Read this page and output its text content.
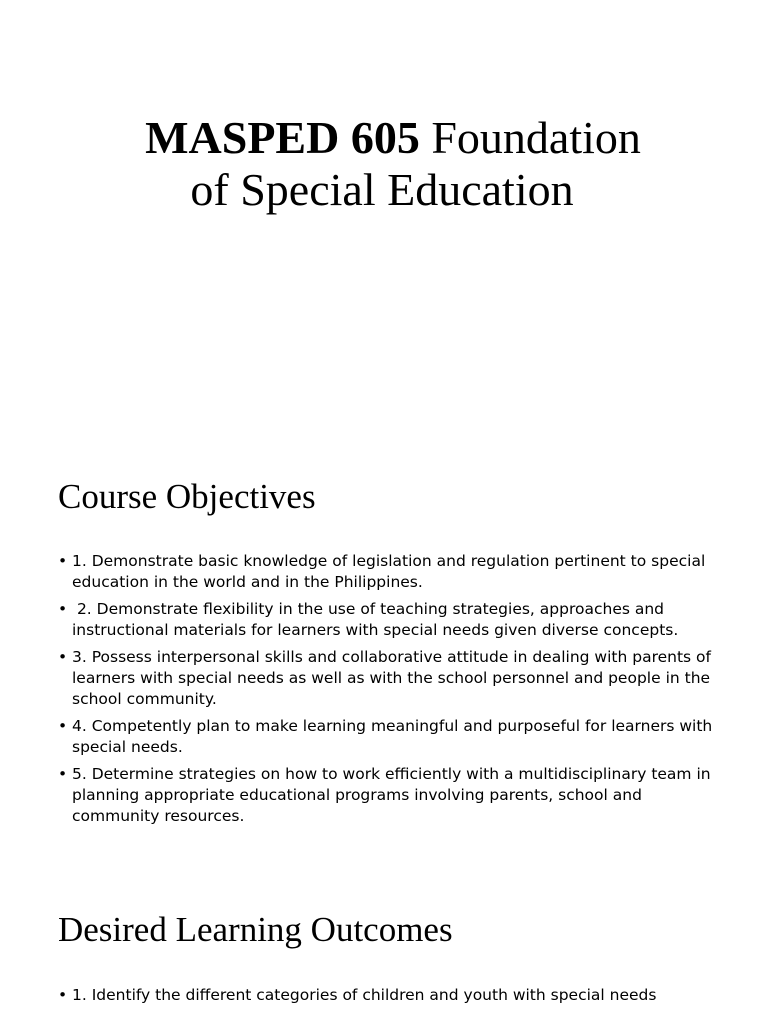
MASPED 605 Foundation
of Special Education
Course Objectives
• 1. Demonstrate basic knowledge of legislation and regulation pertinent to special education in the world and in the Philippines.
• 2. Demonstrate flexibility in the use of teaching strategies, approaches and instructional materials for learners with special needs given diverse concepts.
• 3. Possess interpersonal skills and collaborative attitude in dealing with parents of learners with special needs as well as with the school personnel and people in the school community.
• 4. Competently plan to make learning meaningful and purposeful for learners with special needs.
• 5. Determine strategies on how to work efficiently with a multidisciplinary team in planning appropriate educational programs involving parents, school and community resources.
Desired Learning Outcomes
• 1. Identify the different categories of children and youth with special needs
